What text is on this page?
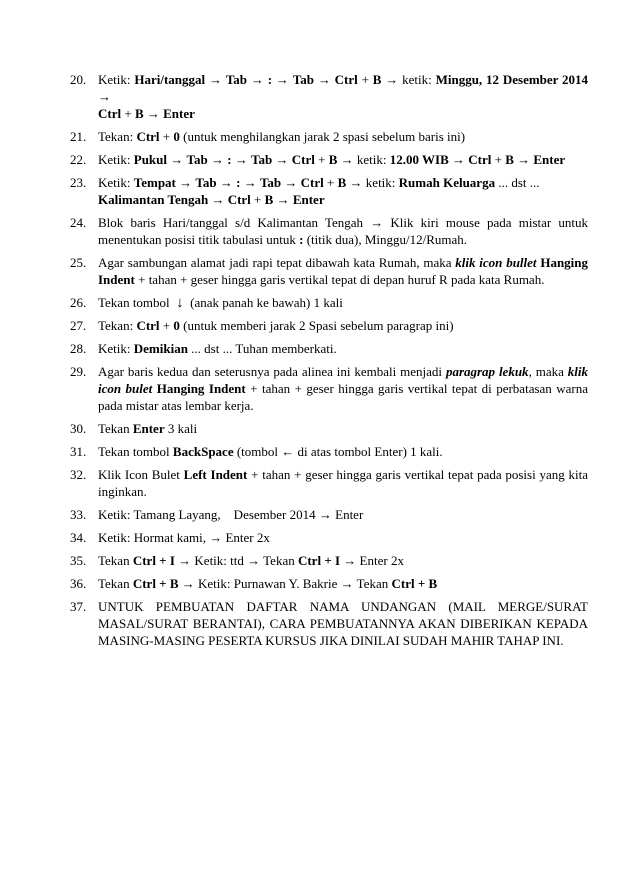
20. Ketik: Hari/tanggal → Tab → : → Tab → Ctrl + B → ketik: Minggu, 12 Desember 2014 →
Ctrl + B → Enter
21. Tekan: Ctrl + 0 (untuk menghilangkan jarak 2 spasi sebelum baris ini)
22. Ketik: Pukul → Tab → : → Tab → Ctrl + B → ketik: 12.00 WIB → Ctrl + B → Enter
23. Ketik: Tempat → Tab → : → Tab → Ctrl + B → ketik: Rumah Keluarga ... dst ...
Kalimantan Tengah → Ctrl + B → Enter
24. Blok baris Hari/tanggal s/d Kalimantan Tengah → Klik kiri mouse pada mistar untuk menentukan posisi titik tabulasi untuk : (titik dua), Minggu/12/Rumah.
25. Agar sambungan alamat jadi rapi tepat dibawah kata Rumah, maka klik icon bullet Hanging Indent + tahan + geser hingga garis vertikal tepat di depan huruf R pada kata Rumah.
26. Tekan tombol ↓ (anak panah ke bawah) 1 kali
27. Tekan: Ctrl + 0 (untuk memberi jarak 2 Spasi sebelum paragrap ini)
28. Ketik: Demikian ... dst ... Tuhan memberkati.
29. Agar baris kedua dan seterusnya pada alinea ini kembali menjadi paragrap lekuk, maka klik icon bulet Hanging Indent + tahan + geser hingga garis vertikal tepat di perbatasan warna pada mistar atas lembar kerja.
30. Tekan Enter 3 kali
31. Tekan tombol BackSpace (tombol ← di atas tombol Enter) 1 kali.
32. Klik Icon Bulet Left Indent + tahan + geser hingga garis vertikal tepat pada posisi yang kita inginkan.
33. Ketik: Tamang Layang,    Desember 2014 → Enter
34. Ketik: Hormat kami, → Enter 2x
35. Tekan Ctrl + I → Ketik: ttd → Tekan Ctrl + I → Enter 2x
36. Tekan Ctrl + B → Ketik: Purnawan Y. Bakrie → Tekan Ctrl + B
37. UNTUK PEMBUATAN DAFTAR NAMA UNDANGAN (MAIL MERGE/SURAT MASAL/SURAT BERANTAI), CARA PEMBUATANNYA AKAN DIBERIKAN KEPADA MASING-MASING PESERTA KURSUS JIKA DINILAI SUDAH MAHIR TAHAP INI.
